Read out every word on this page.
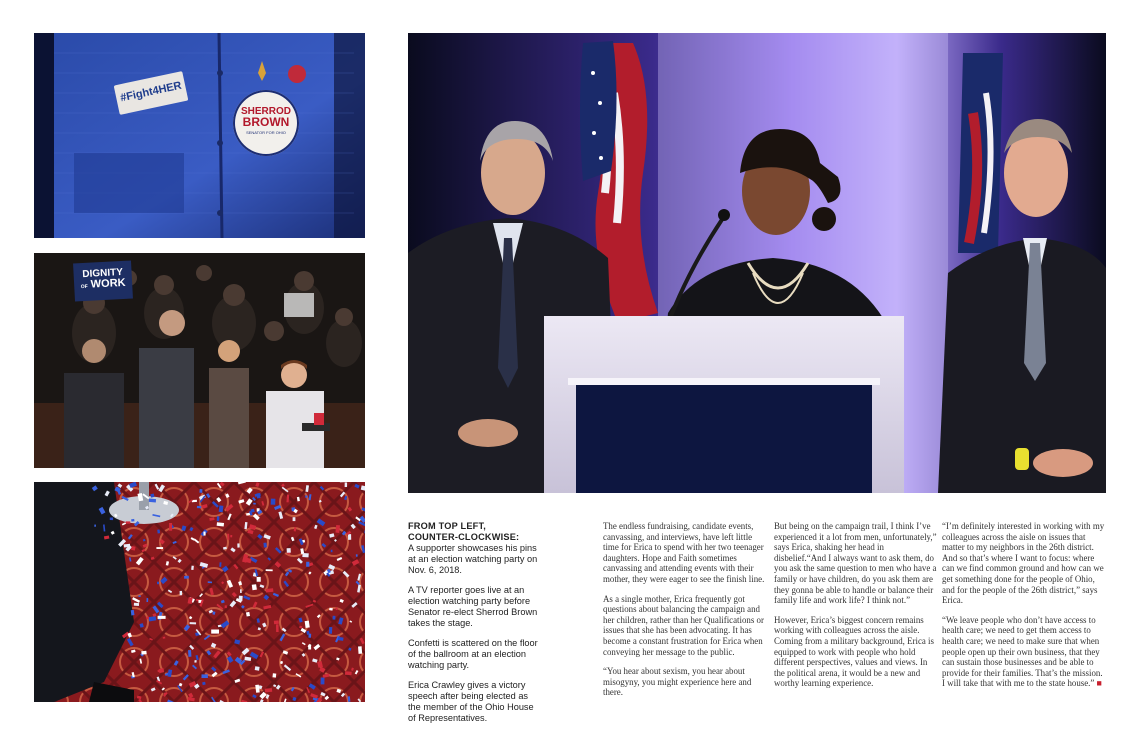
#Fight4HER
SHERROD
BROWN
SENATOR FOR OHIO
DIGNITY
OF WORK

FROM TOP LEFT,

COUNTER-CLOCKWISE:

A supporter showcases his pins at an election watching party on Nov. 6, 2018.

A TV reporter goes live at an election watching party before Senator re-elect Sherrod Brown takes the stage.

Confetti is scattered on the floor of the ballroom at an election watching party.

Erica Crawley gives a victory speech after being elected as the member of the Ohio House of Representatives.

The endless fundraising, candidate events, canvassing, and interviews, have left little time for Erica to spend with her two teenager daughters. Hope and Faith sometimes canvassing and attending events with their mother, they were eager to see the finish line.

As a single mother, Erica frequently got questions about balancing the campaign and her children, rather than her Qualifications or issues that she has been advocating. It has become a constant frustration for Erica when conveying her message to the public.

“You hear about sexism, you hear about misogyny, you might experience here and there.

But being on the campaign trail, I think I’ve experienced it a lot from men, unfortunately,” says Erica, shaking her head in disbelief.“And I always want to ask them, do you ask the same question to men who have a family or have children, do you ask them are they gonna be able to handle or balance their family life and work life? I think not.”

However, Erica’s biggest concern remains working with colleagues across the aisle. Coming from a military background, Erica is equipped to work with people who hold different perspectives, values and views. In the political arena, it would be a new and worthy learning experience.

“I’m definitely interested in working with my colleagues across the aisle on issues that matter to my neighbors in the 26th district. And so that’s where I want to focus: where can we find common ground and how can we get something done for the people of Ohio, and for the people of the 26th district,” says Erica.

“We leave people who don’t have access to health care; we need to get them access to health care; we need to make sure that when people open up their own business, that they can sustain those businesses and be able to provide for their families. That’s the mission. I will take that with me to the state house.” ■
